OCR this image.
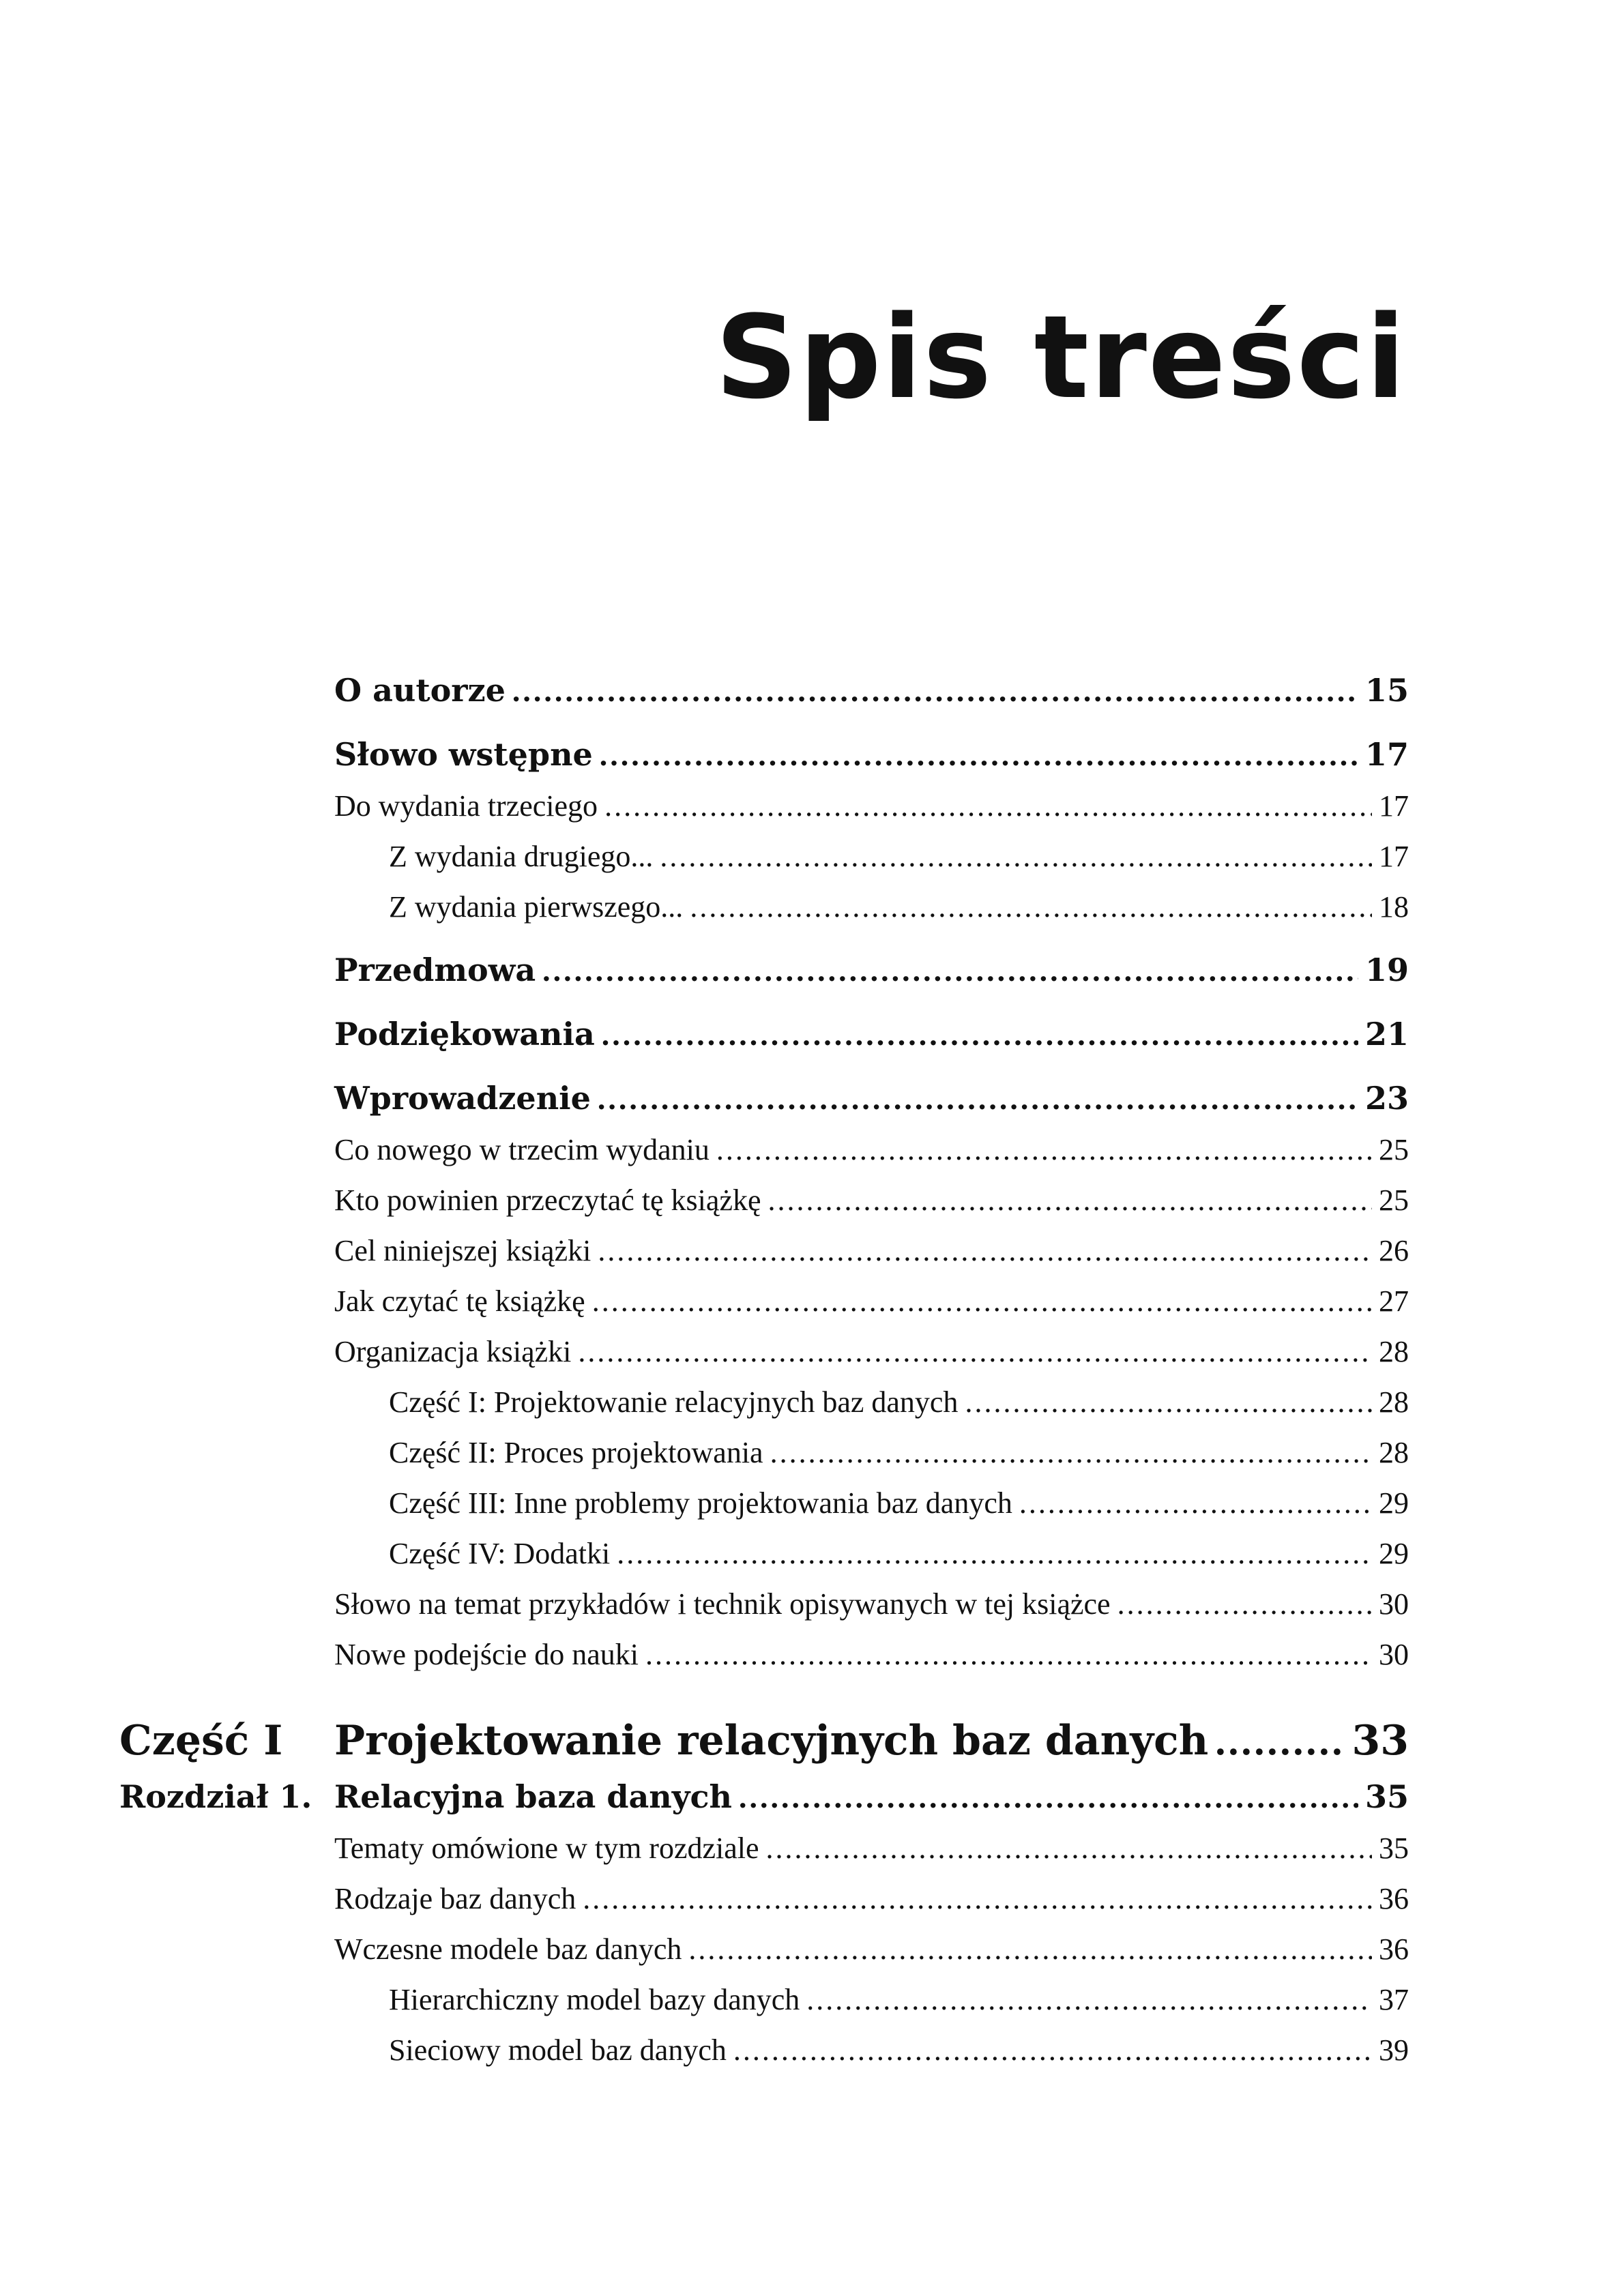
Spis treści
O autorze .....	15
Słowo wstępne .....	17
Do wydania trzeciego .....	17
Z wydania drugiego... .....	17
Z wydania pierwszego... .....	18
Przedmowa .....	19
Podziękowania .....	21
Wprowadzenie .....	23
Co nowego w trzecim wydaniu .....	25
Kto powinien przeczytać tę książkę .....	25
Cel niniejszej książki .....	26
Jak czytać tę książkę .....	27
Organizacja książki .....	28
Część I: Projektowanie relacyjnych baz danych .....	28
Część II: Proces projektowania .....	28
Część III: Inne problemy projektowania baz danych .....	29
Część IV: Dodatki .....	29
Słowo na temat przykładów i technik opisywanych w tej książce .....	30
Nowe podejście do nauki .....	30
Część I Projektowanie relacyjnych baz danych .....	33
Rozdział 1. Relacyjna baza danych .....	35
Tematy omówione w tym rozdziale .....	35
Rodzaje baz danych .....	36
Wczesne modele baz danych .....	36
Hierarchiczny model bazy danych .....	37
Sieciowy model baz danych .....	39
